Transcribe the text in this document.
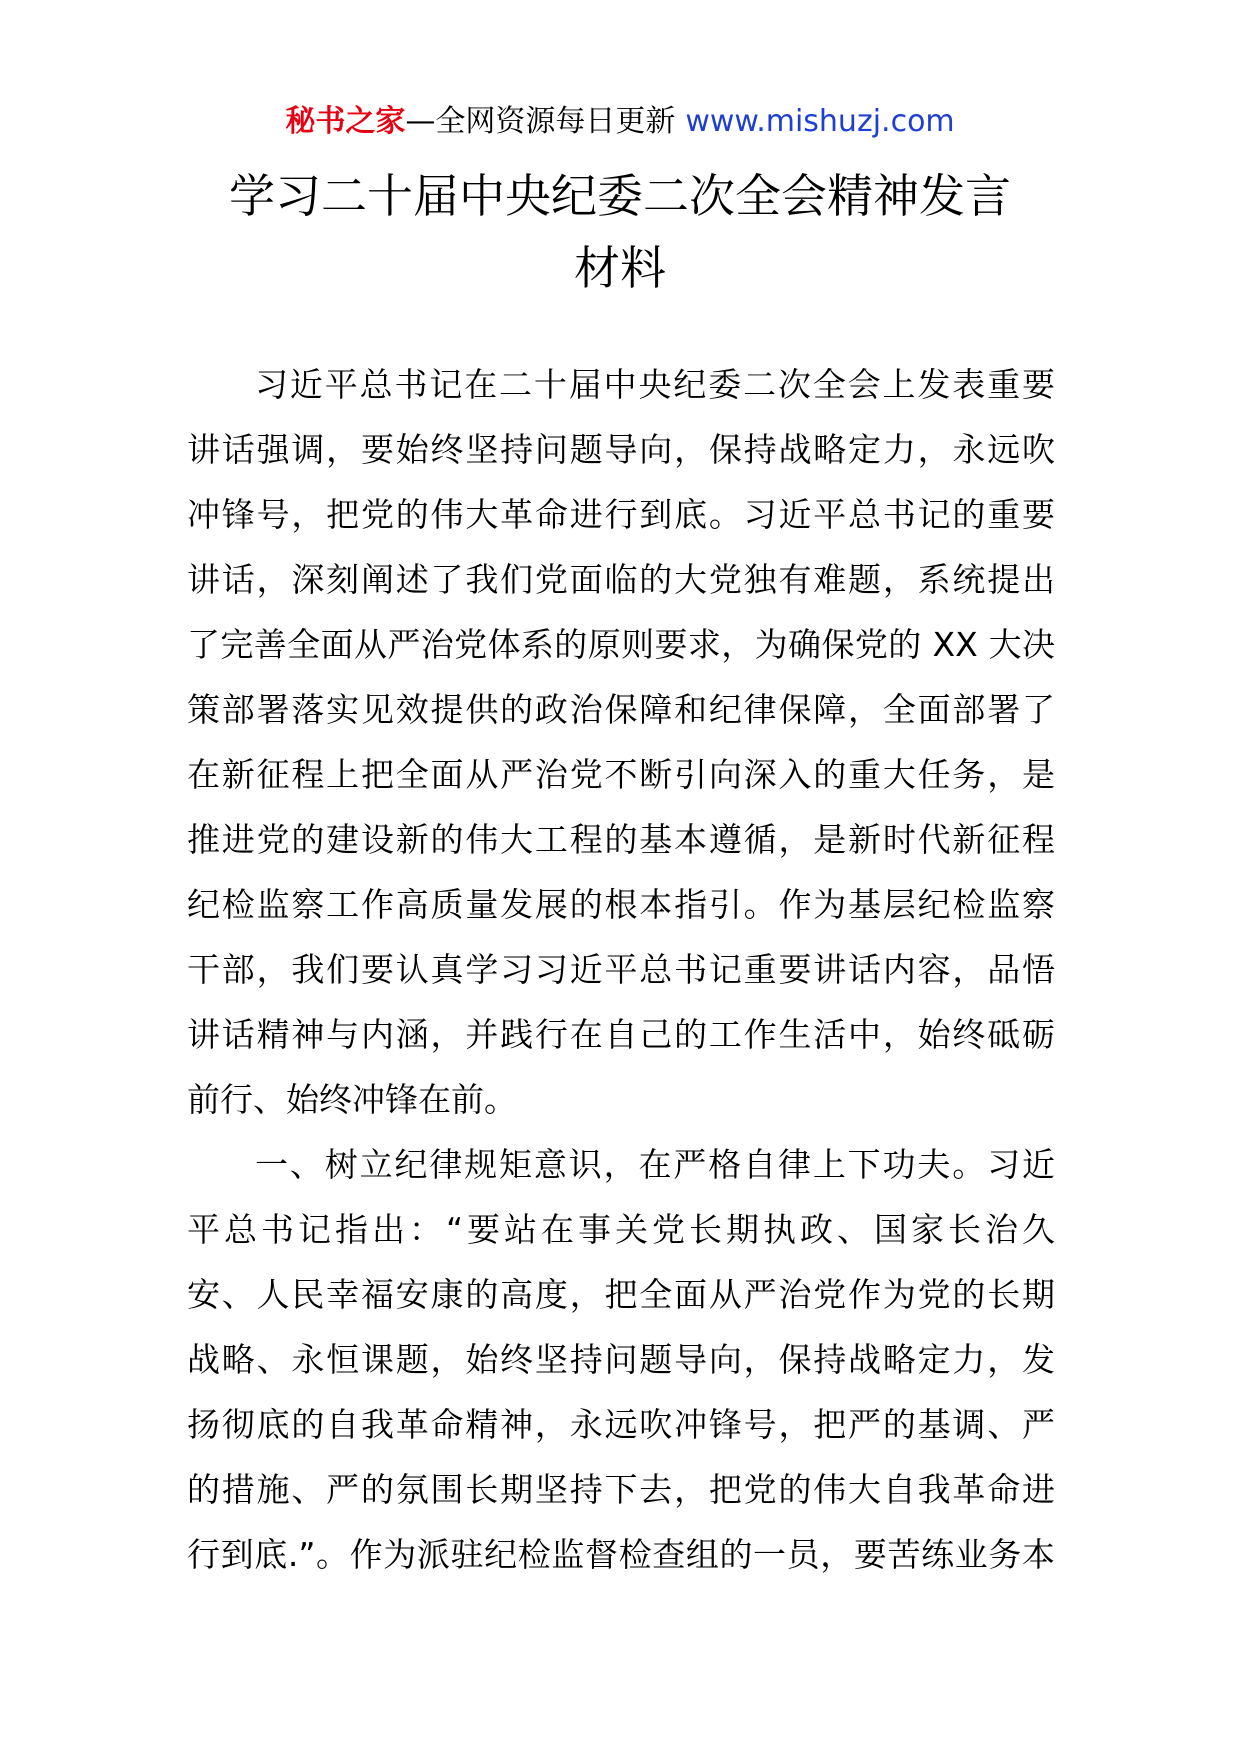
秘书之家—全网资源每日更新 www.mishuzj.com
学习二十届中央纪委二次全会精神发言
材料
习近平总书记在二十届中央纪委二次全会上发表重要
讲话强调，要始终坚持问题导向，保持战略定力，永远吹
冲锋号，把党的伟大革命进行到底。习近平总书记的重要
讲话，深刻阐述了我们党面临的大党独有难题，系统提出
了完善全面从严治党体系的原则要求，为确保党的 XX 大决
策部署落实见效提供的政治保障和纪律保障，全面部署了
在新征程上把全面从严治党不断引向深入的重大任务，是
推进党的建设新的伟大工程的基本遵循，是新时代新征程
纪检监察工作高质量发展的根本指引。作为基层纪检监察
干部，我们要认真学习习近平总书记重要讲话内容，品悟
讲话精神与内涵，并践行在自己的工作生活中，始终砥砺
前行、始终冲锋在前。
一、树立纪律规矩意识，在严格自律上下功夫。习近
平总书记指出：“要站在事关党长期执政、国家长治久
安、人民幸福安康的高度，把全面从严治党作为党的长期
战略、永恒课题，始终坚持问题导向，保持战略定力，发
扬彻底的自我革命精神，永远吹冲锋号，把严的基调、严
的措施、严的氛围长期坚持下去，把党的伟大自我革命进
行到底.”。作为派驻纪检监督检查组的一员，要苦练业务本
